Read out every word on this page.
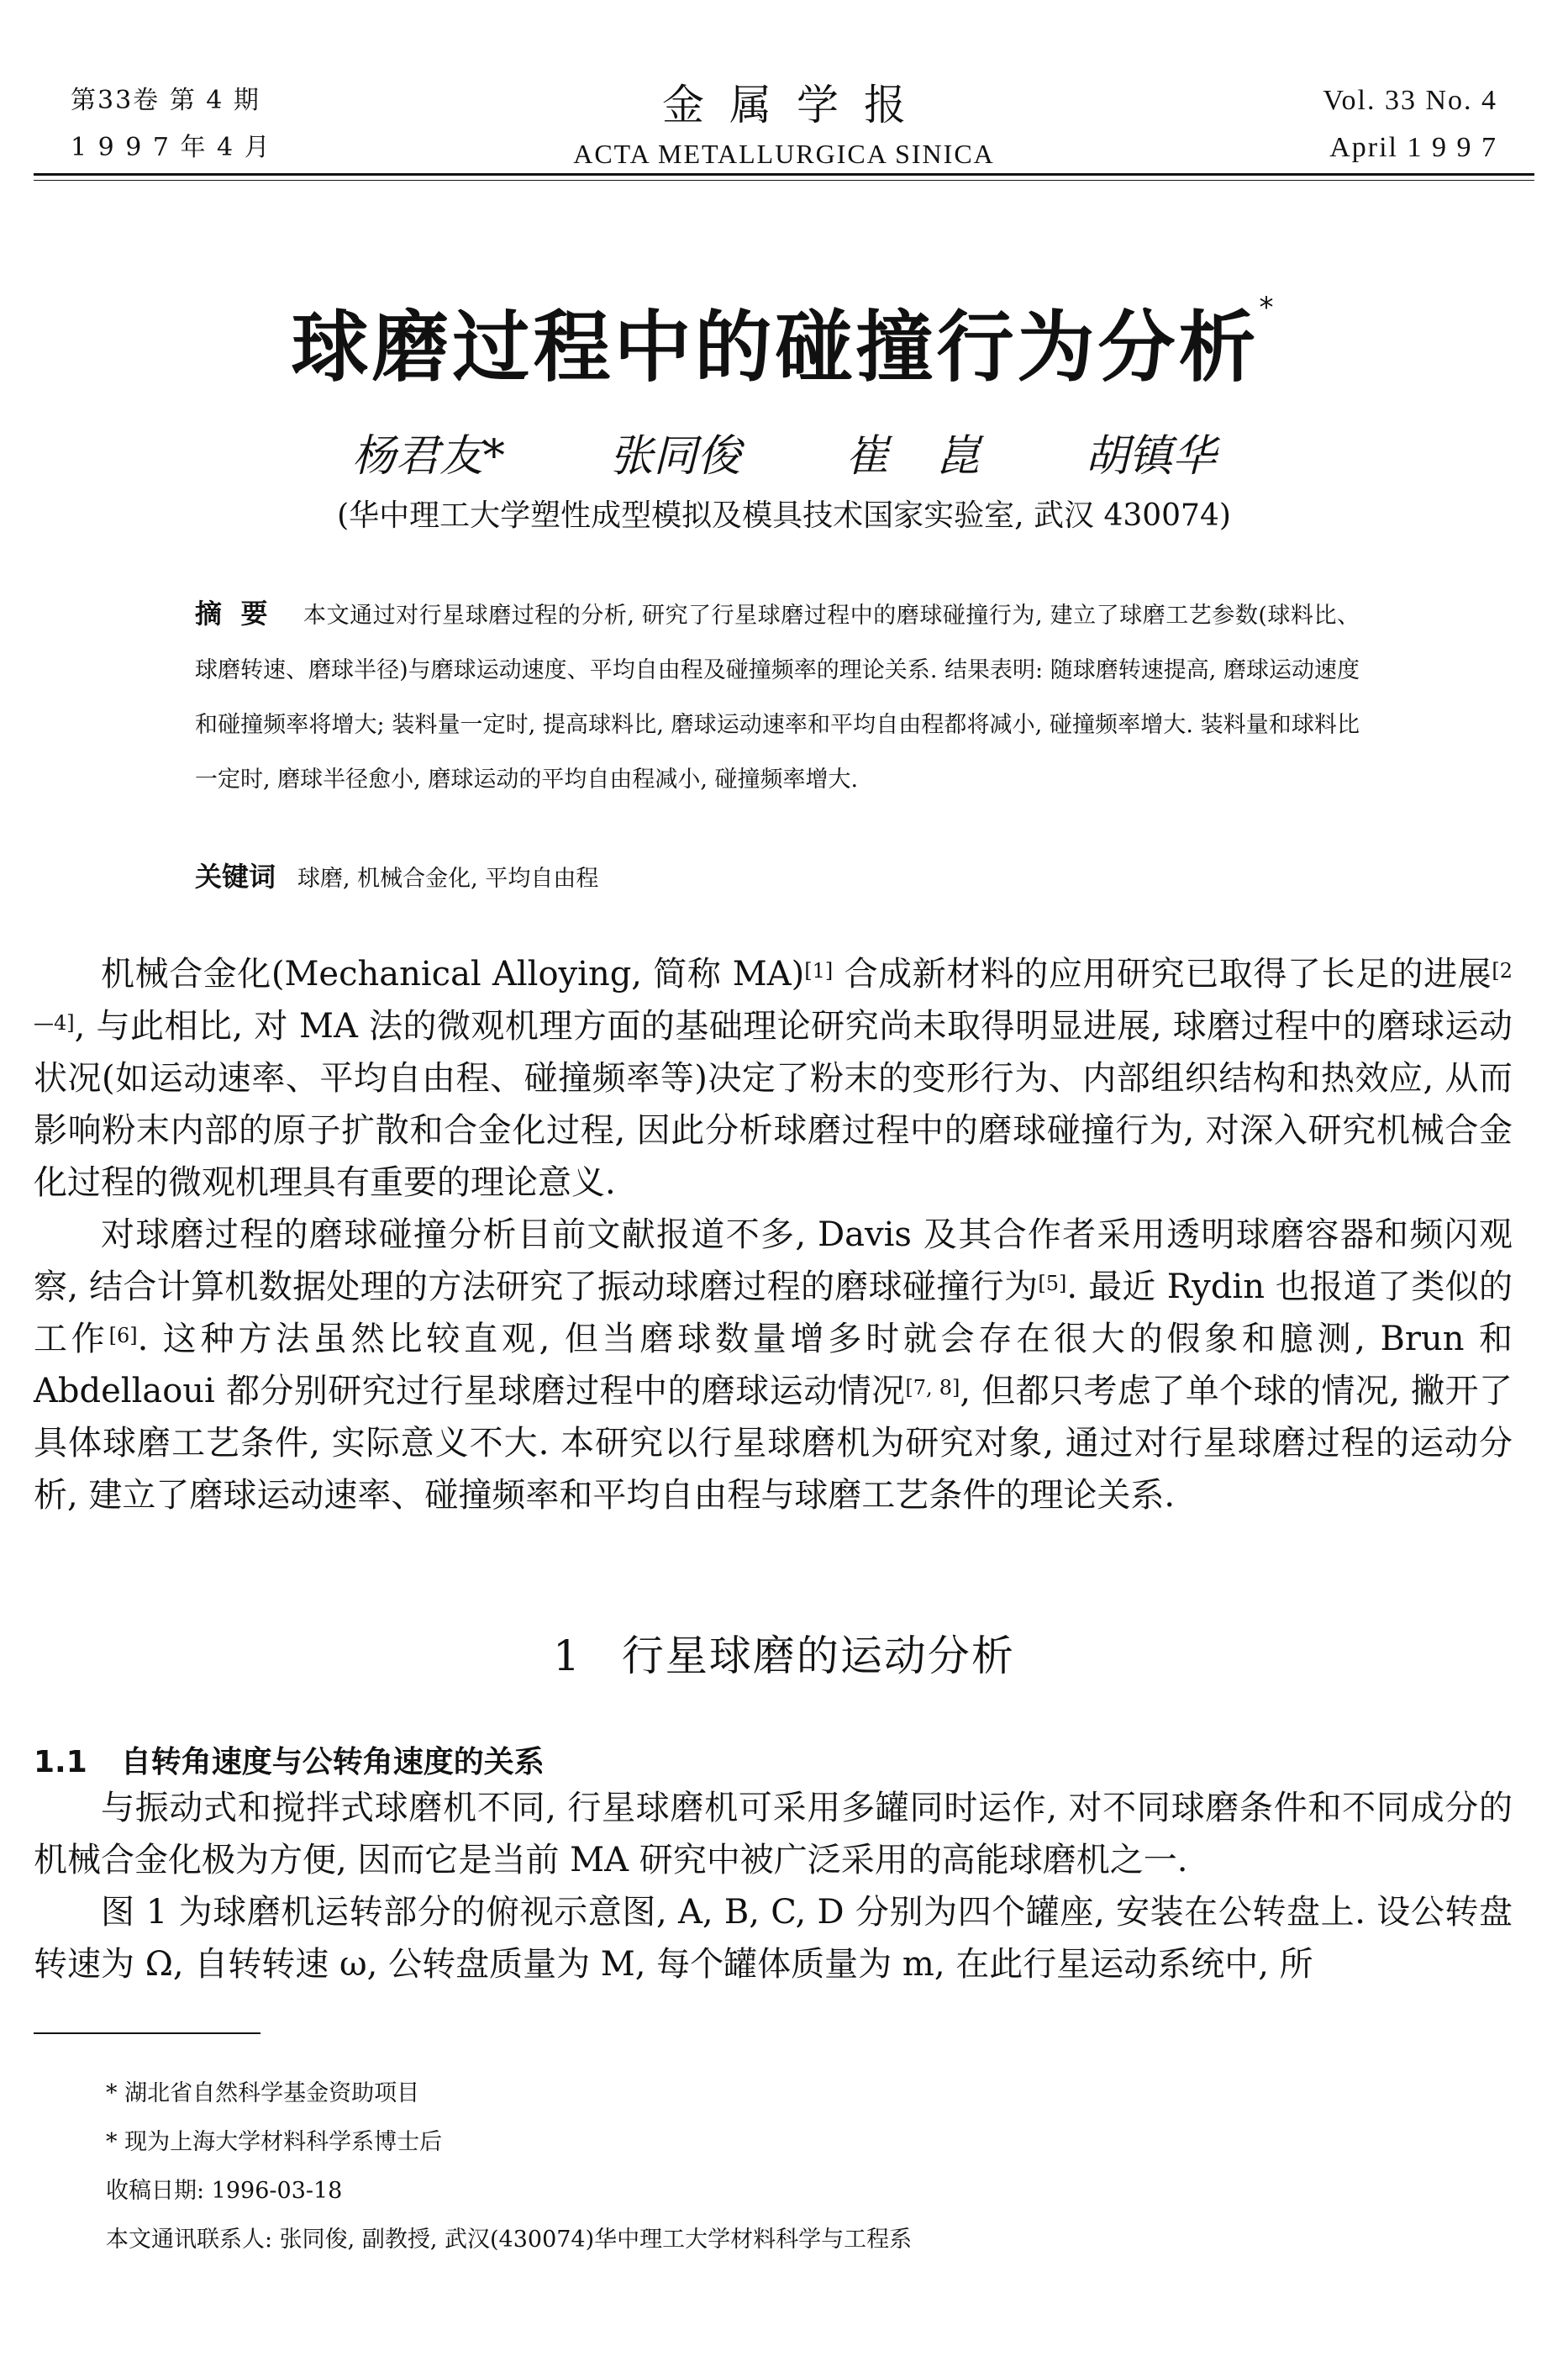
第33卷 第 4 期
1 9 9 7 年 4 月
金属学报
ACTA METALLURGICA SINICA
Vol. 33 No. 4
April 1 9 9 7
球磨过程中的碰撞行为分析*
杨君友* 张同俊 崔 崑 胡镇华
(华中理工大学塑性成型模拟及模具技术国家实验室, 武汉 430074)
摘要 本文通过对行星球磨过程的分析, 研究了行星球磨过程中的磨球碰撞行为, 建立了球磨工艺参数(球料比、球磨转速、磨球半径)与磨球运动速度、平均自由程及碰撞频率的理论关系. 结果表明: 随球磨转速提高, 磨球运动速度和碰撞频率将增大; 装料量一定时, 提高球料比, 磨球运动速率和平均自由程都将减小, 碰撞频率增大. 装料量和球料比一定时, 磨球半径愈小, 磨球运动的平均自由程减小, 碰撞频率增大.
关键词 球磨, 机械合金化, 平均自由程

机械合金化(Mechanical Alloying, 简称 MA)[1] 合成新材料的应用研究已取得了长足的进展[2—4], 与此相比, 对 MA 法的微观机理方面的基础理论研究尚未取得明显进展, 球磨过程中的磨球运动状况(如运动速率、平均自由程、碰撞频率等)决定了粉末的变形行为、内部组织结构和热效应, 从而影响粉末内部的原子扩散和合金化过程, 因此分析球磨过程中的磨球碰撞行为, 对深入研究机械合金化过程的微观机理具有重要的理论意义.

对球磨过程的磨球碰撞分析目前文献报道不多, Davis 及其合作者采用透明球磨容器和频闪观察, 结合计算机数据处理的方法研究了振动球磨过程的磨球碰撞行为[5]. 最近 Rydin 也报道了类似的工作[6]. 这种方法虽然比较直观, 但当磨球数量增多时就会存在很大的假象和臆测, Brun 和 Abdellaoui 都分别研究过行星球磨过程中的磨球运动情况[7, 8], 但都只考虑了单个球的情况, 撇开了具体球磨工艺条件, 实际意义不大. 本研究以行星球磨机为研究对象, 通过对行星球磨过程的运动分析, 建立了磨球运动速率、碰撞频率和平均自由程与球磨工艺条件的理论关系.

1 行星球磨的运动分析
1.1 自转角速度与公转角速度的关系

与振动式和搅拌式球磨机不同, 行星球磨机可采用多罐同时运作, 对不同球磨条件和不同成分的机械合金化极为方便, 因而它是当前 MA 研究中被广泛采用的高能球磨机之一.

图 1 为球磨机运转部分的俯视示意图, A, B, C, D 分别为四个罐座, 安装在公转盘上. 设公转盘转速为 Ω, 自转转速 ω, 公转盘质量为 M, 每个罐体质量为 m, 在此行星运动系统中, 所

* 湖北省自然科学基金资助项目
* 现为上海大学材料科学系博士后
收稿日期: 1996-03-18
本文通讯联系人: 张同俊, 副教授, 武汉(430074)华中理工大学材料科学与工程系
